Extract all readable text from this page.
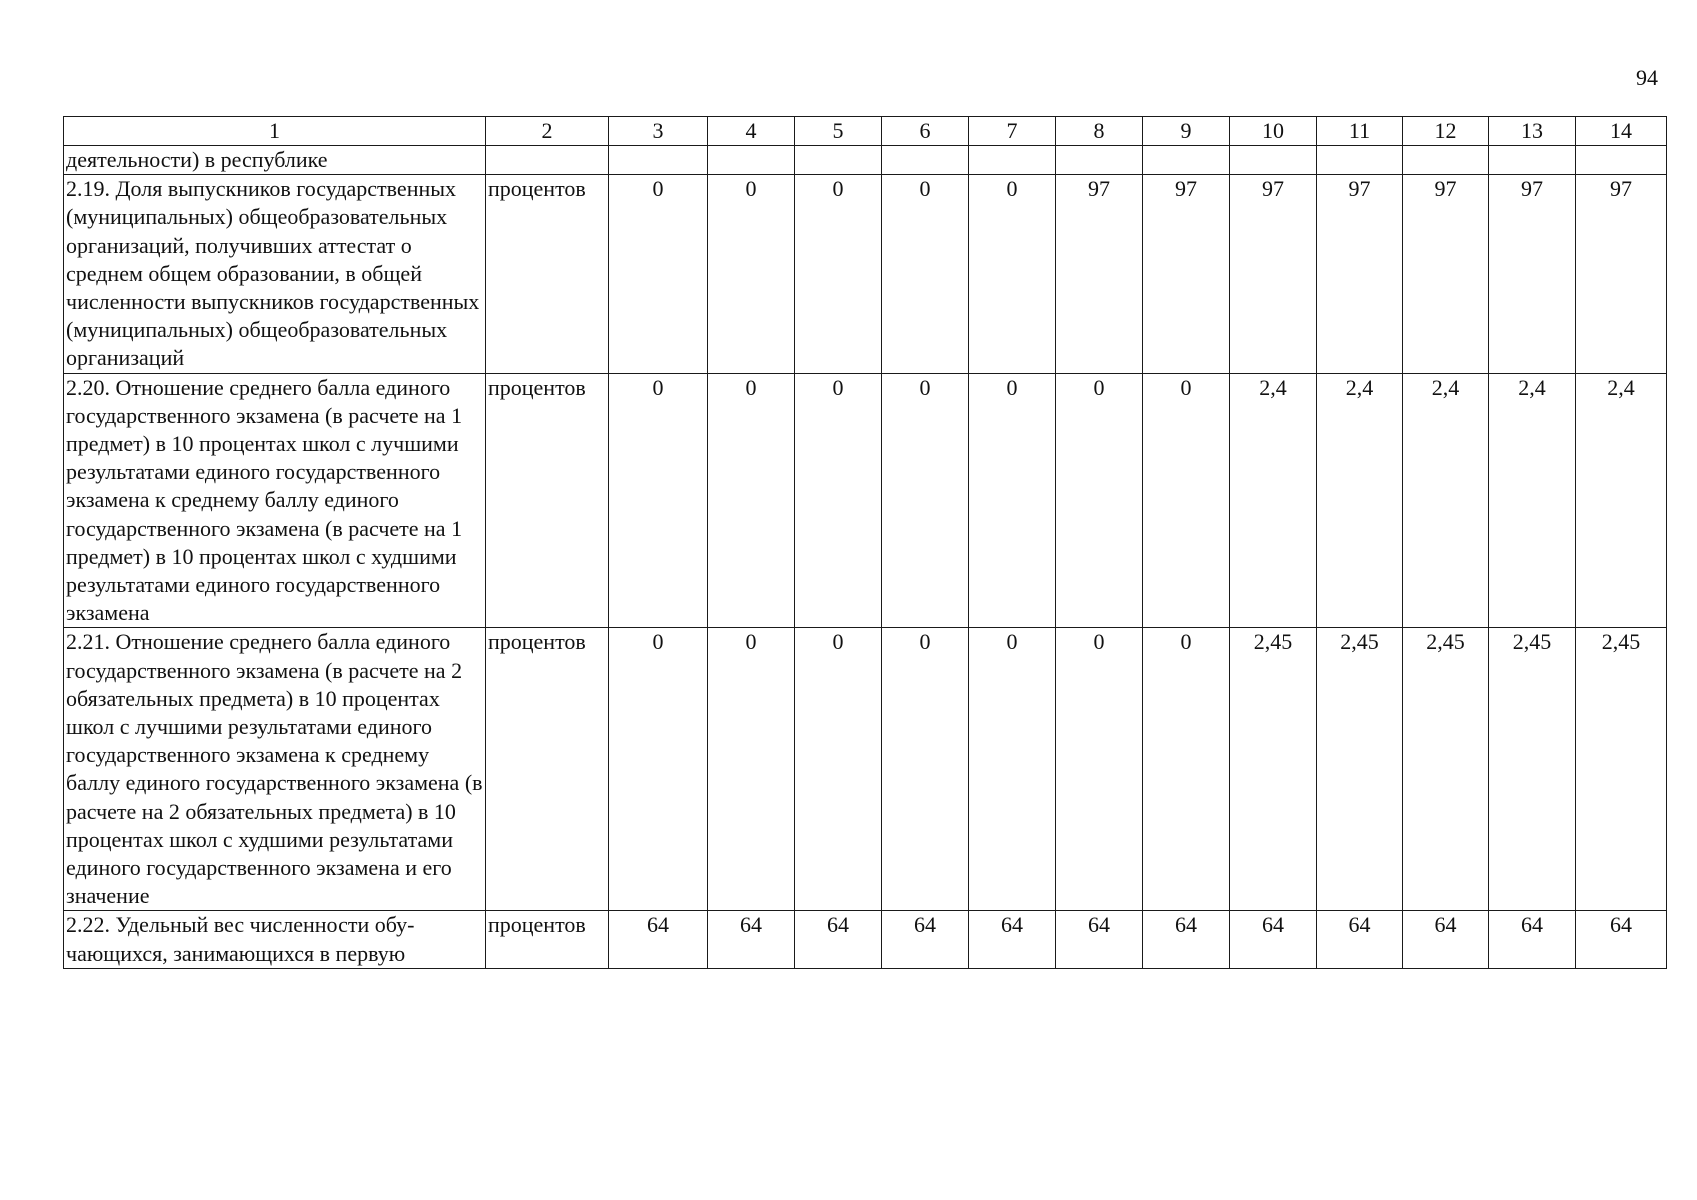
94
1	2	3	4	5	6	7	8	9	10	11	12	13	14
деятельности) в республике													
2.19. Доля выпускников государственных (муниципальных) общеобразовательных организаций, получивших аттестат о среднем общем образовании, в общей численности выпускников государственных (муниципальных) общеобразовательных организаций	процентов	0	0	0	0	0	97	97	97	97	97	97	97
2.20. Отношение среднего балла единого государственного экзамена (в расчете на 1 предмет) в 10 процентах школ с лучшими результатами единого государственного экзамена к среднему баллу единого государственного экзамена (в расчете на 1 предмет) в 10 процентах школ с худшими результатами единого государственного экзамена	процентов	0	0	0	0	0	0	0	2,4	2,4	2,4	2,4	2,4
2.21. Отношение среднего балла единого государственного экзамена (в расчете на 2 обязательных предмета) в 10 процентах школ с лучшими результатами единого государственного экзамена к среднему баллу единого государственного экзамена (в расчете на 2 обязательных предмета) в 10 процентах школ с худшими результатами единого государственного экзамена и его значение	процентов	0	0	0	0	0	0	0	2,45	2,45	2,45	2,45	2,45
2.22. Удельный вес численности обучающихся, занимающихся в первую	процентов	64	64	64	64	64	64	64	64	64	64	64	64
